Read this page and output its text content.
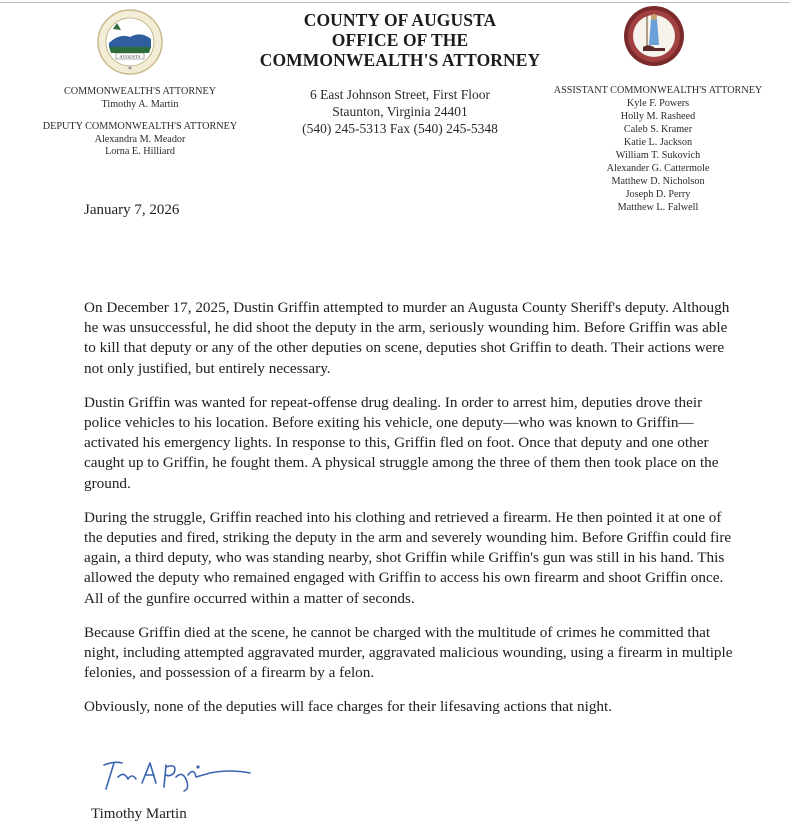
AUGUSTA
COUNTY OF AUGUSTA
OFFICE OF THE
COMMONWEALTH'S ATTORNEY
6 East Johnson Street, First Floor
Staunton, Virginia 24401
(540) 245-5313 Fax (540) 245-5348
COMMONWEALTH'S ATTORNEY
Timothy A. Martin
DEPUTY COMMONWEALTH'S ATTORNEY
Alexandra M. Meador
Lorna E. Hilliard
ASSISTANT COMMONWEALTH'S ATTORNEY
Kyle F. Powers
Holly M. Rasheed
Caleb S. Kramer
Katie L. Jackson
William T. Sukovich
Alexander G. Cattermole
Matthew D. Nicholson
Joseph D. Perry
Matthew L. Falwell
January 7, 2026

On December 17, 2025, Dustin Griffin attempted to murder an Augusta County Sheriff's deputy. Although he was unsuccessful, he did shoot the deputy in the arm, seriously wounding him. Before Griffin was able to kill that deputy or any of the other deputies on scene, deputies shot Griffin to death. Their actions were not only justified, but entirely necessary.

Dustin Griffin was wanted for repeat-offense drug dealing. In order to arrest him, deputies drove their police vehicles to his location. Before exiting his vehicle, one deputy—who was known to Griffin—activated his emergency lights. In response to this, Griffin fled on foot. Once that deputy and one other caught up to Griffin, he fought them. A physical struggle among the three of them then took place on the ground.

During the struggle, Griffin reached into his clothing and retrieved a firearm. He then pointed it at one of the deputies and fired, striking the deputy in the arm and severely wounding him. Before Griffin could fire again, a third deputy, who was standing nearby, shot Griffin while Griffin's gun was still in his hand. This allowed the deputy who remained engaged with Griffin to access his own firearm and shoot Griffin once. All of the gunfire occurred within a matter of seconds.

Because Griffin died at the scene, he cannot be charged with the multitude of crimes he committed that night, including attempted aggravated murder, aggravated malicious wounding, using a firearm in multiple felonies, and possession of a firearm by a felon.

Obviously, none of the deputies will face charges for their lifesaving actions that night.

Timothy Martin
